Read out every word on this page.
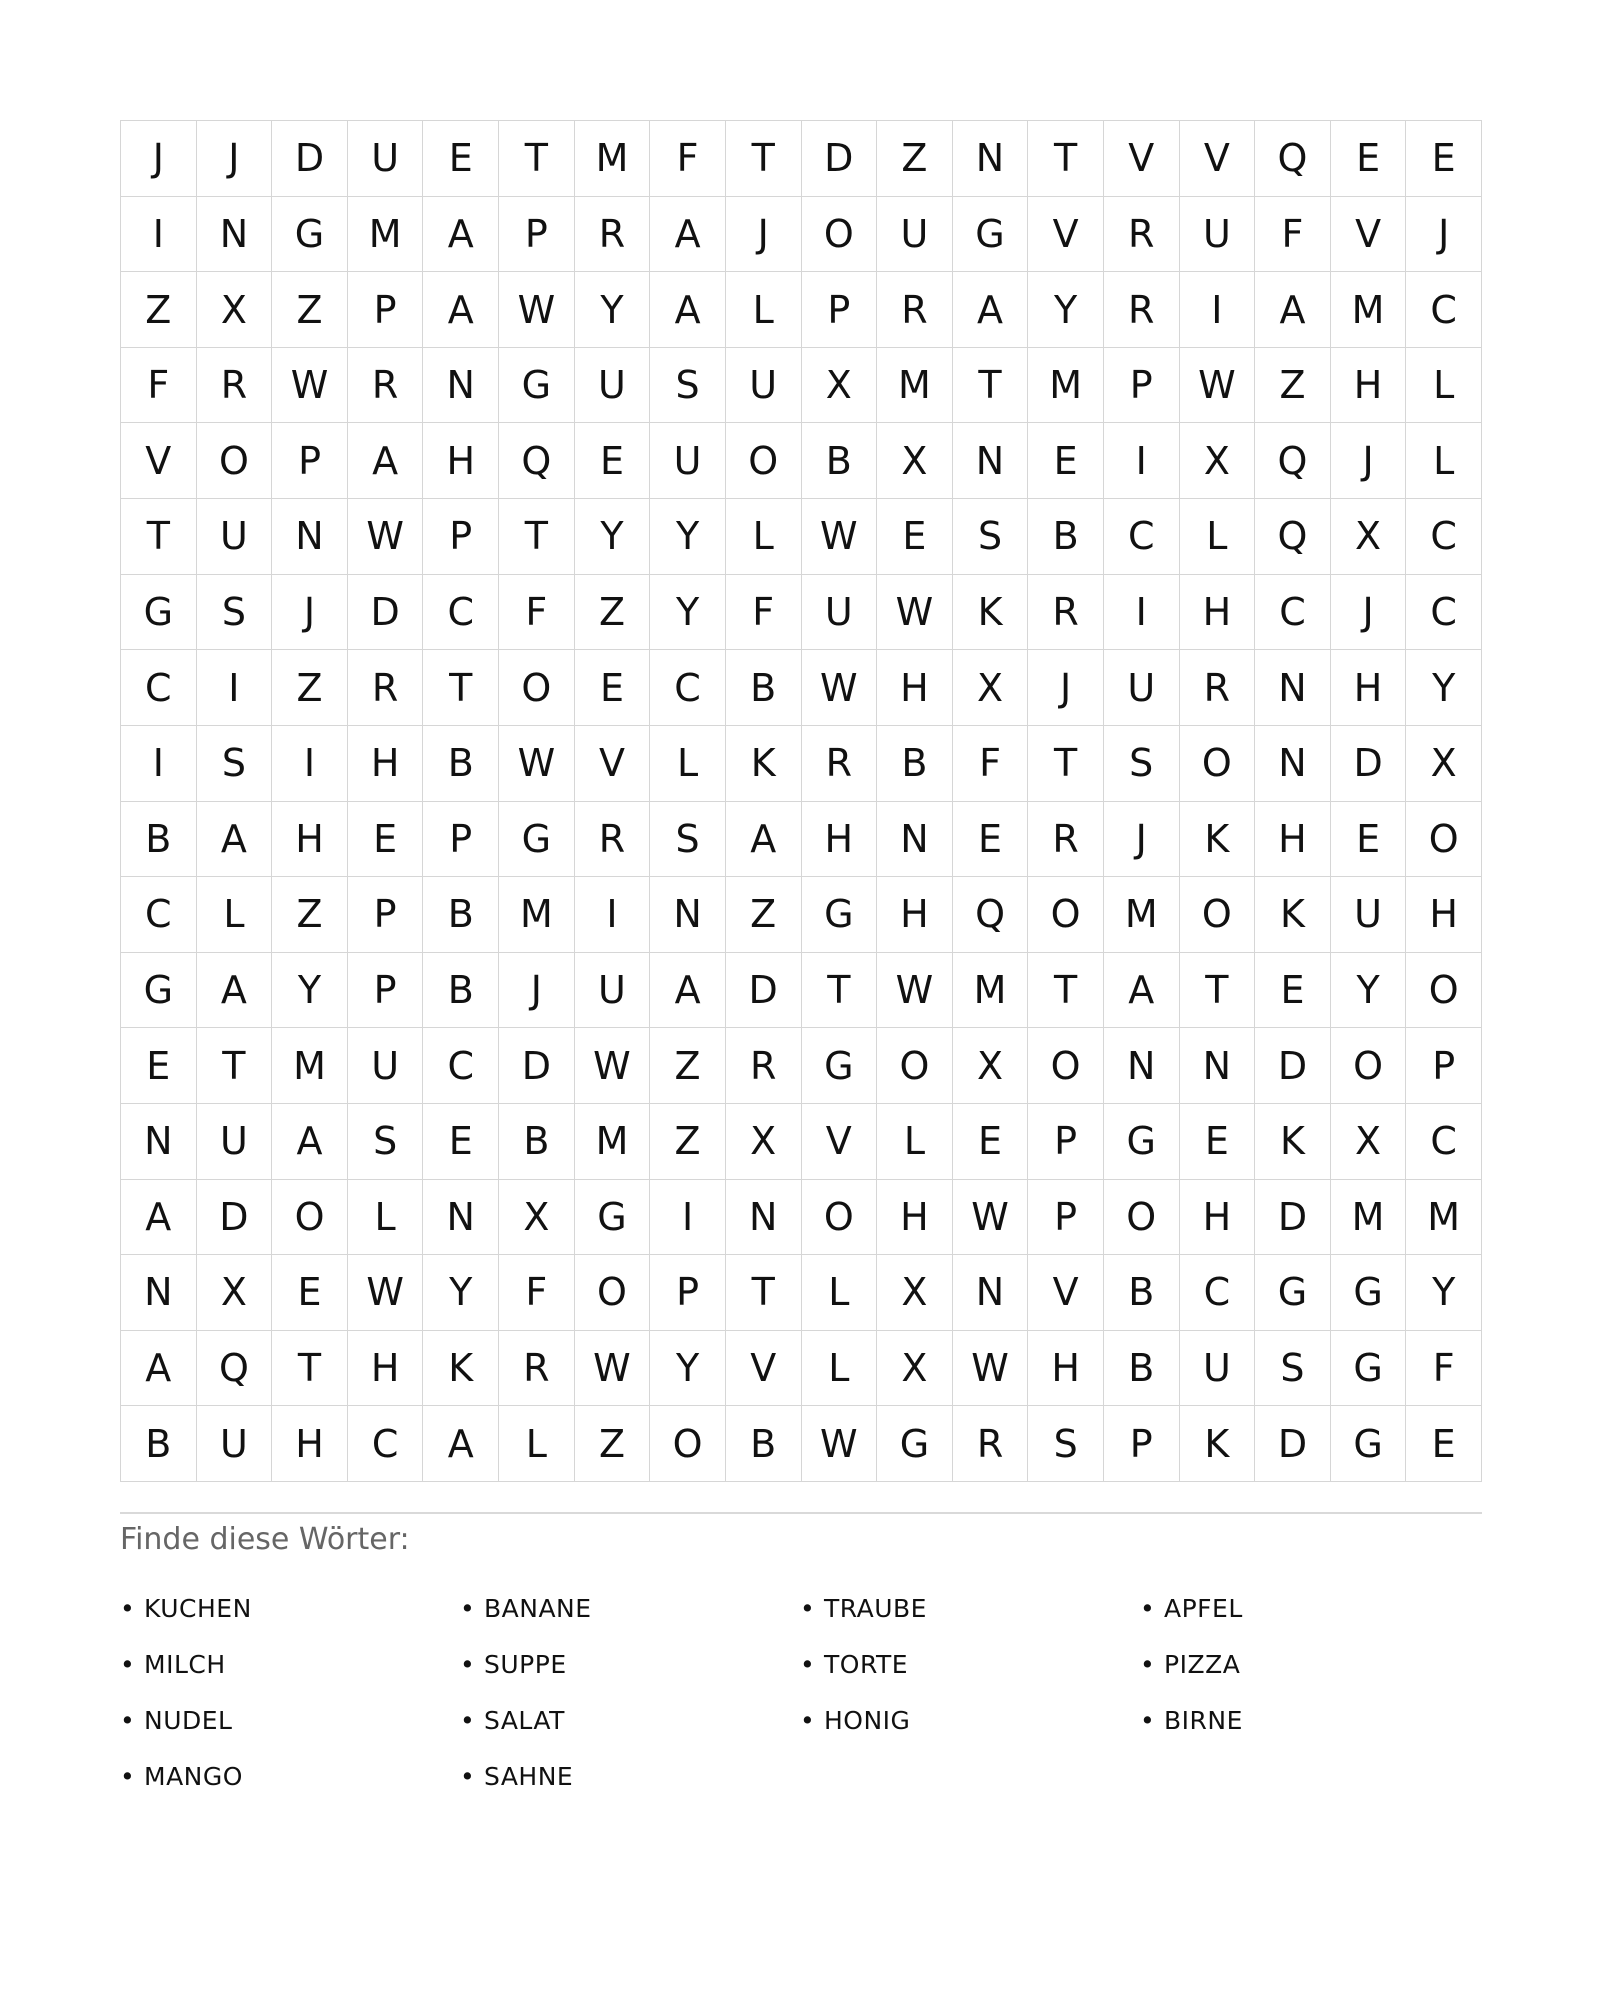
J	J	D	U	E	T	M	F	T	D	Z	N	T	V	V	Q	E	E
I	N	G	M	A	P	R	A	J	O	U	G	V	R	U	F	V	J
Z	X	Z	P	A	W	Y	A	L	P	R	A	Y	R	I	A	M	C
F	R	W	R	N	G	U	S	U	X	M	T	M	P	W	Z	H	L
V	O	P	A	H	Q	E	U	O	B	X	N	E	I	X	Q	J	L
T	U	N	W	P	T	Y	Y	L	W	E	S	B	C	L	Q	X	C
G	S	J	D	C	F	Z	Y	F	U	W	K	R	I	H	C	J	C
C	I	Z	R	T	O	E	C	B	W	H	X	J	U	R	N	H	Y
I	S	I	H	B	W	V	L	K	R	B	F	T	S	O	N	D	X
B	A	H	E	P	G	R	S	A	H	N	E	R	J	K	H	E	O
C	L	Z	P	B	M	I	N	Z	G	H	Q	O	M	O	K	U	H
G	A	Y	P	B	J	U	A	D	T	W	M	T	A	T	E	Y	O
E	T	M	U	C	D	W	Z	R	G	O	X	O	N	N	D	O	P
N	U	A	S	E	B	M	Z	X	V	L	E	P	G	E	K	X	C
A	D	O	L	N	X	G	I	N	O	H	W	P	O	H	D	M	M
N	X	E	W	Y	F	O	P	T	L	X	N	V	B	C	G	G	Y
A	Q	T	H	K	R	W	Y	V	L	X	W	H	B	U	S	G	F
B	U	H	C	A	L	Z	O	B	W	G	R	S	P	K	D	G	E
Finde diese Wörter:
• KUCHEN	• BANANE	• TRAUBE	• APFEL
• MILCH	• SUPPE	• TORTE	• PIZZA
• NUDEL	• SALAT	• HONIG	• BIRNE
• MANGO	• SAHNE
